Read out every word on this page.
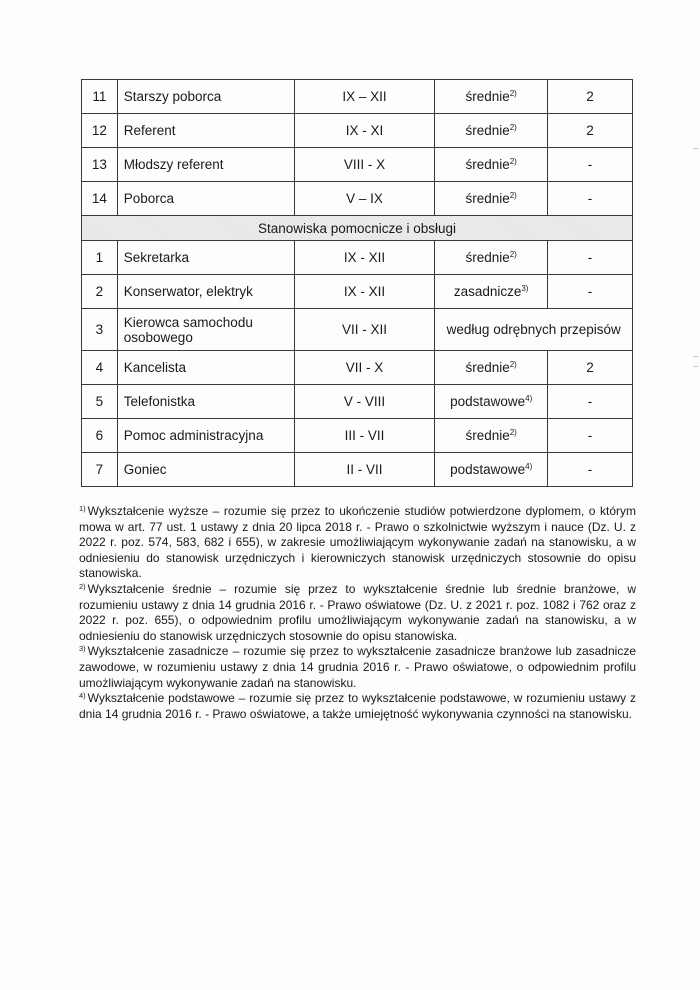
11	Starszy poborca	IX – XII	średnie$^{2)}$	2
12	Referent	IX - XI	średnie$^{2)}$	2
13	Młodszy referent	VIII - X	średnie$^{2)}$	-
14	Poborca	V – IX	średnie$^{2)}$	-
Stanowiska pomocnicze i obsługi				
1	Sekretarka	IX - XII	średnie$^{2)}$	-
2	Konserwator, elektryk	IX - XII	zasadnicze$^{3)}$	-
3	Kierowca samochodu osobowego	VII - XII	według odrębnych przepisów	
4	Kancelista	VII - X	średnie$^{2)}$	2
5	Telefonistka	V - VIII	podstawowe$^{4)}$	-
6	Pomoc administracyjna	III - VII	średnie$^{2)}$	-
7	Goniec	II - VII	podstawowe$^{4)}$	-

$^{1)}$ Wykształcenie wyższe – rozumie się przez to ukończenie studiów potwierdzone dyplomem, o którym mowa w art. 77 ust. 1 ustawy z dnia 20 lipca 2018 r. - Prawo o szkolnictwie wyższym i nauce (Dz. U. z 2022 r. poz. 574, 583, 682 i 655), w zakresie umożliwiającym wykonywanie zadań na stanowisku, a w odniesieniu do stanowisk urzędniczych i kierowniczych stanowisk urzędniczych stosownie do opisu stanowiska.

$^{2)}$ Wykształcenie średnie – rozumie się przez to wykształcenie średnie lub średnie branżowe, w rozumieniu ustawy z dnia 14 grudnia 2016 r. - Prawo oświatowe (Dz. U. z 2021 r. poz. 1082 i 762 oraz z 2022 r. poz. 655), o odpowiednim profilu umożliwiającym wykonywanie zadań na stanowisku, a w odniesieniu do stanowisk urzędniczych stosownie do opisu stanowiska.

$^{3)}$ Wykształcenie zasadnicze – rozumie się przez to wykształcenie zasadnicze branżowe lub zasadnicze zawodowe, w rozumieniu ustawy z dnia 14 grudnia 2016 r. - Prawo oświatowe, o odpowiednim profilu umożliwiającym wykonywanie zadań na stanowisku.

$^{4)}$ Wykształcenie podstawowe – rozumie się przez to wykształcenie podstawowe, w rozumieniu ustawy z dnia 14 grudnia 2016 r. - Prawo oświatowe, a także umiejętność wykonywania czynności na stanowisku.
